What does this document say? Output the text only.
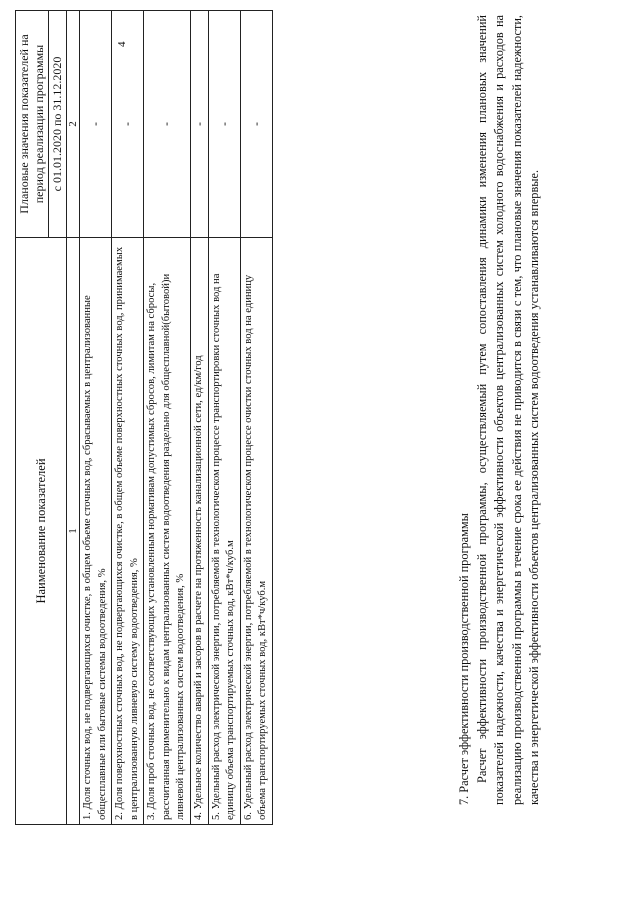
4
Наименование показателей	Плановые значения показателей на период реализации программы
	с 01.01.2020 по 31.12.2020
1	2
1. Доля сточных вод, не подвергающихся очистке, в общем объеме сточных вод, сбрасываемых в централизованные общесплавные или бытовые системы водоотведения, %	-
2. Доля поверхностных сточных вод, не подвергающихся очистке, в общем объеме поверхностных сточных вод, принимаемых в централизованную ливневую систему водоотведения, %	-
3. Доля проб сточных вод, не соответствующих установленным нормативам допустимых сбросов, лимитам на сбросы, рассчитанная применительно к видам централизованных систем водоотведения раздельно для общесплавной(бытовой)и ливневой централизованных систем водоотведения, %	-
4. Удельное количество аварий и засоров в расчете на протяженность канализационной сети, ед/км/год	-
5. Удельный расход электрической энергии, потребляемой в технологическом процессе транспортировки сточных вод на единицу объема транспортируемых сточных вод, кВт*ч/куб.м	-
6. Удельный расход электрической энергии, потребляемой в технологическом процессе очистки сточных вод на единицу объема транспортируемых сточных вод, кВт*ч/куб.м	-

7. Расчет эффективности производственной программы Расчет эффективности производственной программы, осуществляемый путем сопоставления динамики изменения плановых значений показателей надежности, качества и энергетической эффективности объектов централизованных систем холодного водоснабжения и расходов на реализацию производственной программы в течение срока ее действия не приводится в связи с тем, что плановые значения показателей надежности, качества и энергетической эффективности объектов централизованных систем водоотведения устанавливаются впервые.
